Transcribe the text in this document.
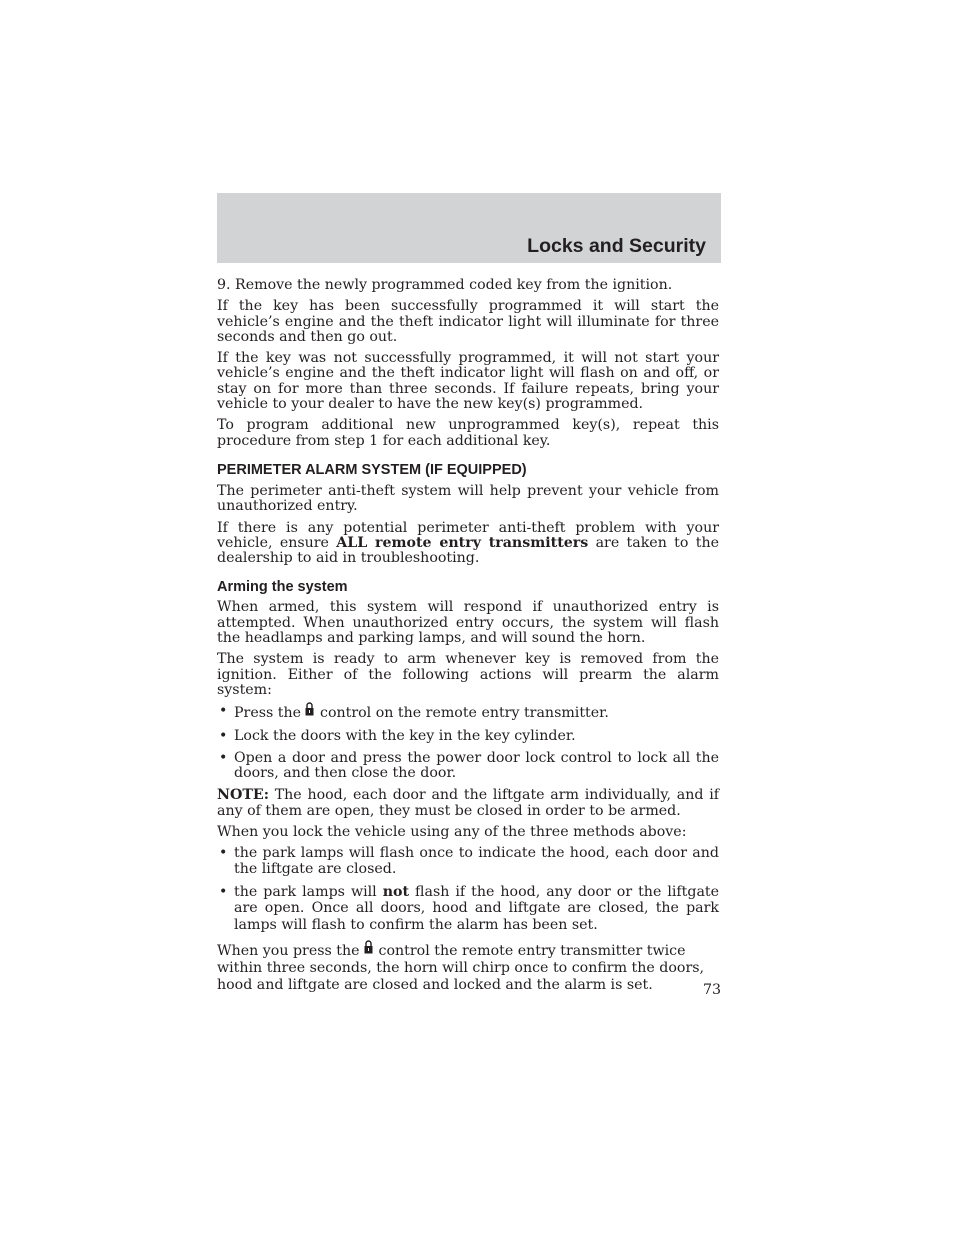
Locks and Security

9. Remove the newly programmed coded key from the ignition.

If the key has been successfully programmed it will start the vehicle’s engine and the theft indicator light will illuminate for three seconds and then go out.

If the key was not successfully programmed, it will not start your vehicle’s engine and the theft indicator light will flash on and off, or stay on for more than three seconds. If failure repeats, bring your vehicle to your dealer to have the new key(s) programmed.

To program additional new unprogrammed key(s), repeat this procedure from step 1 for each additional key.

PERIMETER ALARM SYSTEM (IF EQUIPPED)

The perimeter anti-theft system will help prevent your vehicle from unauthorized entry.

If there is any potential perimeter anti-theft problem with your vehicle, ensure ALL remote entry transmitters are taken to the dealership to aid in troubleshooting.

Arming the system

When armed, this system will respond if unauthorized entry is attempted. When unauthorized entry occurs, the system will flash the headlamps and parking lamps, and will sound the horn.

The system is ready to arm whenever key is removed from the ignition. Either of the following actions will prearm the alarm system:

• Press the control on the remote entry transmitter.
• Lock the doors with the key in the key cylinder.
• Open a door and press the power door lock control to lock all the doors, and then close the door.

NOTE: The hood, each door and the liftgate arm individually, and if any of them are open, they must be closed in order to be armed.

When you lock the vehicle using any of the three methods above:

• the park lamps will flash once to indicate the hood, each door and the liftgate are closed.
• the park lamps will not flash if the hood, any door or the liftgate are open. Once all doors, hood and liftgate are closed, the park lamps will flash to confirm the alarm has been set.

When you press the control the remote entry transmitter twice within three seconds, the horn will chirp once to confirm the doors, hood and liftgate are closed and locked and the alarm is set.	73
